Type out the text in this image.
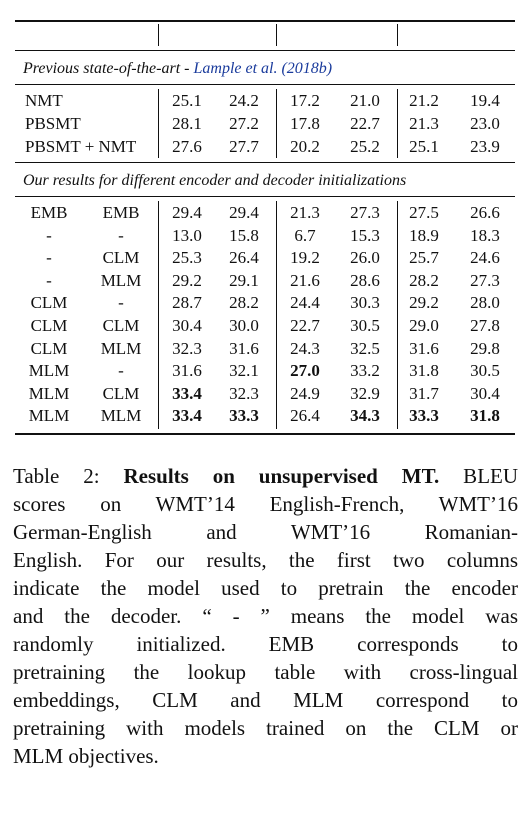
Previous state-of-the-art - Lample et al. (2018b)
NMT	25.1	24.2	17.2	21.0	21.2	19.4
PBSMT	28.1	27.2	17.8	22.7	21.3	23.0
PBSMT + NMT	27.6	27.7	20.2	25.2	25.1	23.9
Our results for different encoder and decoder initializations
EMB	EMB	29.4	29.4	21.3	27.3	27.5	26.6
-	-	13.0	15.8	6.7	15.3	18.9	18.3
-	CLM	25.3	26.4	19.2	26.0	25.7	24.6
-	MLM	29.2	29.1	21.6	28.6	28.2	27.3
CLM	-	28.7	28.2	24.4	30.3	29.2	28.0
CLM	CLM	30.4	30.0	22.7	30.5	29.0	27.8
CLM	MLM	32.3	31.6	24.3	32.5	31.6	29.8
MLM	-	31.6	32.1	27.0	33.2	31.8	30.5
MLM	CLM	33.4	32.3	24.9	32.9	31.7	30.4
MLM	MLM	33.4	33.3	26.4	34.3	33.3	31.8
Table 2: Results on unsupervised MT. BLEU
scores on WMT’14 English-French, WMT’16
German-English and WMT’16 Romanian-
English. For our results, the first two columns
indicate the model used to pretrain the encoder
and the decoder. “ - ” means the model was
randomly initialized. EMB corresponds to
pretraining the lookup table with cross-lingual
embeddings, CLM and MLM correspond to
pretraining with models trained on the CLM or
MLM objectives.
